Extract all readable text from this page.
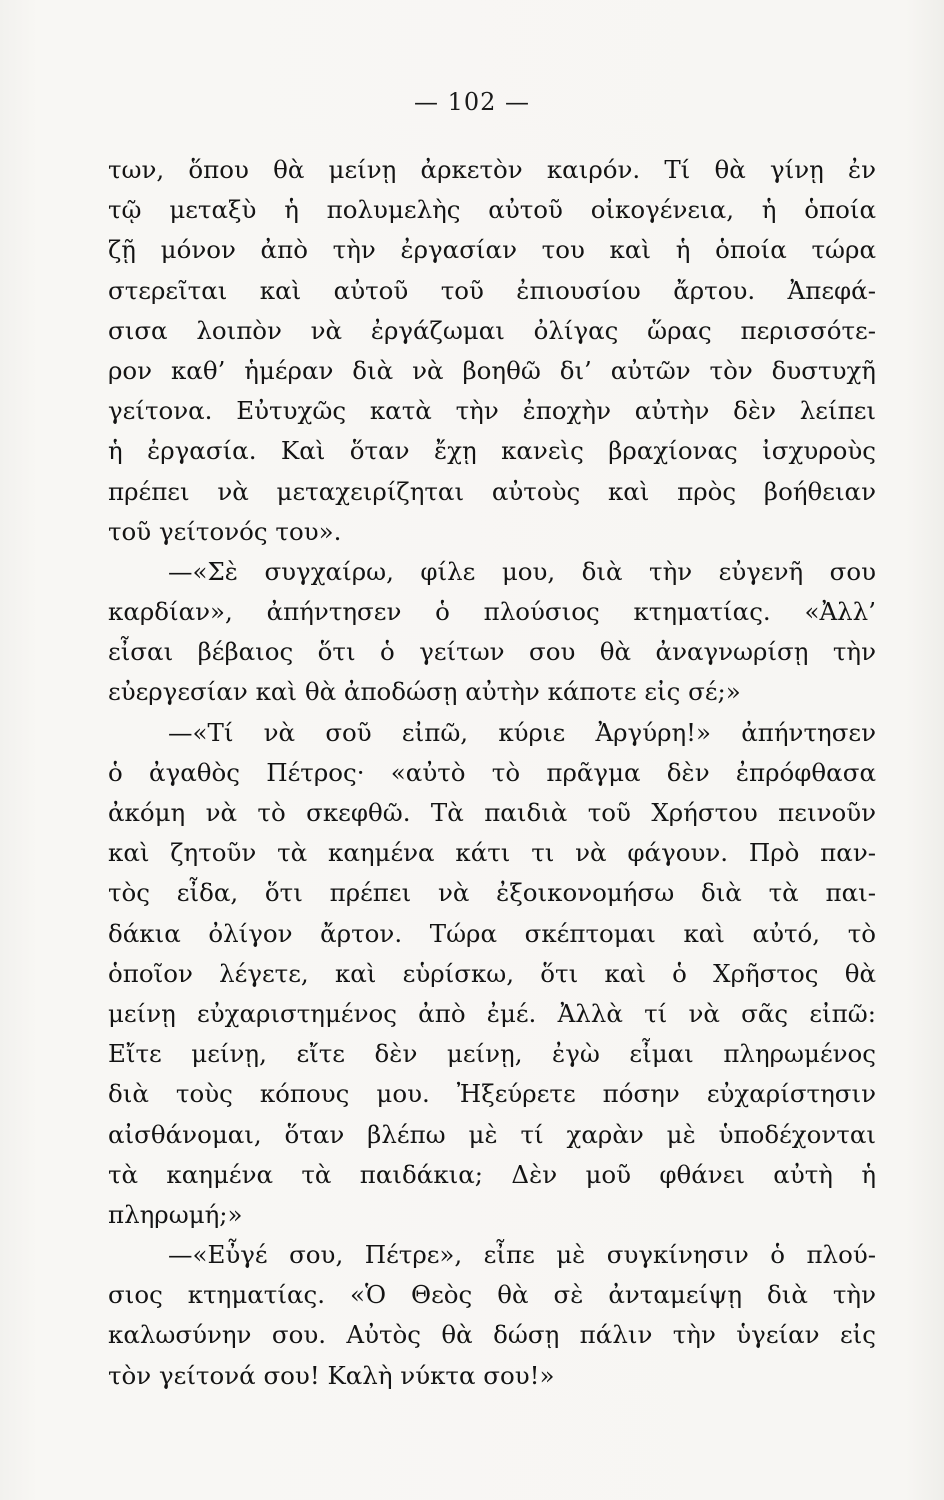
— 102 —
των, ὅπου θὰ μείνῃ ἀρκετὸν καιρόν. Τί θὰ γίνῃ ἐν
τῷ μεταξὺ ἡ πολυμελὴς αὐτοῦ οἰκογένεια, ἡ ὁποία
ζῇ μόνον ἀπὸ τὴν ἐργασίαν του καὶ ἡ ὁποία τώρα
στερεῖται καὶ αὐτοῦ τοῦ ἐπιουσίου ἄρτου. Ἀπεφά-
σισα λοιπὸν νὰ ἐργάζωμαι ὀλίγας ὥρας περισσότε-
ρον καθ’ ἡμέραν διὰ νὰ βοηθῶ δι’ αὐτῶν τὸν δυστυχῆ
γείτονα. Εὐτυχῶς κατὰ τὴν ἐποχὴν αὐτὴν δὲν λείπει
ἡ ἐργασία. Καὶ ὅταν ἔχῃ κανεὶς βραχίονας ἰσχυροὺς
πρέπει νὰ μεταχειρίζηται αὐτοὺς καὶ πρὸς βοήθειαν
τοῦ γείτονός του».
—«Σὲ συγχαίρω, φίλε μου, διὰ τὴν εὐγενῆ σου
καρδίαν», ἀπήντησεν ὁ πλούσιος κτηματίας. «Ἀλλ’
εἶσαι βέβαιος ὅτι ὁ γείτων σου θὰ ἀναγνωρίσῃ τὴν
εὐεργεσίαν καὶ θὰ ἀποδώσῃ αὐτὴν κάποτε εἰς σέ;»
—«Τί νὰ σοῦ εἰπῶ, κύριε Ἀργύρη!» ἀπήντησεν
ὁ ἀγαθὸς Πέτρος· «αὐτὸ τὸ πρᾶγμα δὲν ἐπρόφθασα
ἀκόμη νὰ τὸ σκεφθῶ. Τὰ παιδιὰ τοῦ Χρήστου πεινοῦν
καὶ ζητοῦν τὰ καημένα κάτι τι νὰ φάγουν. Πρὸ παν-
τὸς εἶδα, ὅτι πρέπει νὰ ἐξοικονομήσω διὰ τὰ παι-
δάκια ὀλίγον ἄρτον. Τώρα σκέπτομαι καὶ αὐτό, τὸ
ὁποῖον λέγετε, καὶ εὑρίσκω, ὅτι καὶ ὁ Χρῆστος θὰ
μείνῃ εὐχαριστημένος ἀπὸ ἐμέ. Ἀλλὰ τί νὰ σᾶς εἰπῶ:
Εἴτε μείνῃ, εἴτε δὲν μείνῃ, ἐγὼ εἶμαι πληρωμένος
διὰ τοὺς κόπους μου. Ἠξεύρετε πόσην εὐχαρίστησιν
αἰσθάνομαι, ὅταν βλέπω μὲ τί χαρὰν μὲ ὑποδέχονται
τὰ καημένα τὰ παιδάκια; Δὲν μοῦ φθάνει αὐτὴ ἡ
πληρωμή;»
—«Εὖγέ σου, Πέτρε», εἶπε μὲ συγκίνησιν ὁ πλού-
σιος κτηματίας. «Ὁ Θεὸς θὰ σὲ ἀνταμείψῃ διὰ τὴν
καλωσύνην σου. Αὐτὸς θὰ δώσῃ πάλιν τὴν ὑγείαν εἰς
τὸν γείτονά σου! Καλὴ νύκτα σου!»
